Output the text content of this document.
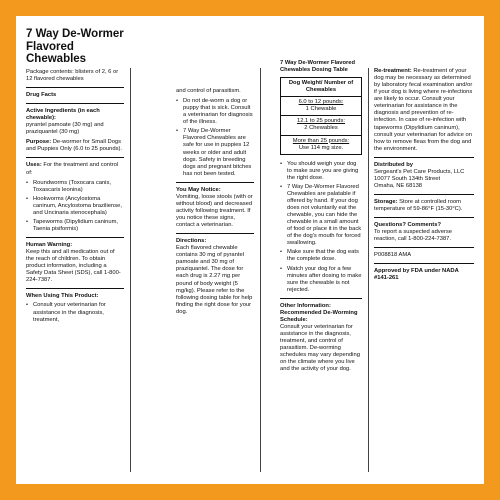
7 Way De-Wormer Flavored Chewables
Package contents: blisters of 2, 6 or 12 flavored chewables
Drug Facts
Active Ingredients (in each chewable):
pyrantel pamoate (30 mg) and praziquantel (30 mg)
Purpose: De-wormer for Small Dogs and Puppies Only (6.0 to 25 pounds).
Uses: For the treatment and control of:
• Roundworms (Toxocara canis, Toxascaris leonina)
• Hookworms (Ancylostoma caninum, Ancylostoma braziliense, and Uncinaria stenocephala)
• Tapeworms (Dipylidium caninum, Taenia pisiformis)
Human Warning:
Keep this and all medication out of the reach of children. To obtain product information, including a Safety Data Sheet (SDS), call 1-800-224-7387.
When Using This Product:
• Consult your veterinarian for assistance in the diagnosis, treatment,
and control of parasitism.
• Do not de-worm a dog or puppy that is sick. Consult a veterinarian for diagnosis of the illness.
• 7 Way De-Wormer Flavored Chewables are safe for use in puppies 12 weeks or older and adult dogs. Safety in breeding dogs and pregnant bitches has not been tested.
You May Notice:
Vomiting, loose stools (with or without blood) and decreased activity following treatment. If you notice these signs, contact a veterinarian.
Directions:
Each flavored chewable contains 30 mg of pyrantel pamoate and 30 mg of praziquantel. The dose for each drug is 2.27 mg per pound of body weight (5 mg/kg). Please refer to the following dosing table for help finding the right dose for your dog.
7 Way De-Wormer Flavored Chewables Dosing Table
Dog Weight/ Number of Chewables
6.0 to 12 pounds:
1 Chewable
12.1 to 25 pounds:
2 Chewables
More than 25 pounds:
Use 114 mg size.
• You should weigh your dog to make sure you are giving the right dose.
• 7 Way De-Wormer Flavored Chewables are palatable if offered by hand. If your dog does not voluntarily eat the chewable, you can hide the chewable in a small amount of food or place it in the back of the dog's mouth for forced swallowing.
• Make sure that the dog eats the complete dose.
• Watch your dog for a few minutes after dosing to make sure the chewable is not rejected.
Other Information: Recommended De-Worming Schedule:
Consult your veterinarian for assistance in the diagnosis, treatment, and control of parasitism. De-worming schedules may vary depending on the climate where you live and the activity of your dog.
Re-treatment: Re-treatment of your dog may be necessary as determined by laboratory fecal examination and/or if your dog is living where re-infections are likely to occur. Consult your veterinarian for assistance in the diagnosis and prevention of re-infection. In case of re-infection with tapeworms (Dipylidium caninum), consult your veterinarian for advice on how to remove fleas from the dog and the environment.
Distributed by
Sergeant's Pet Care Products, LLC
10077 South 134th Street
Omaha, NE 68138
Storage: Store at controlled room temperature of 59-86°F (15-30°C).
Questions? Comments?
To report a suspected adverse reaction, call 1-800-224-7387.
P008818 AMA
Approved by FDA under NADA #141-261
